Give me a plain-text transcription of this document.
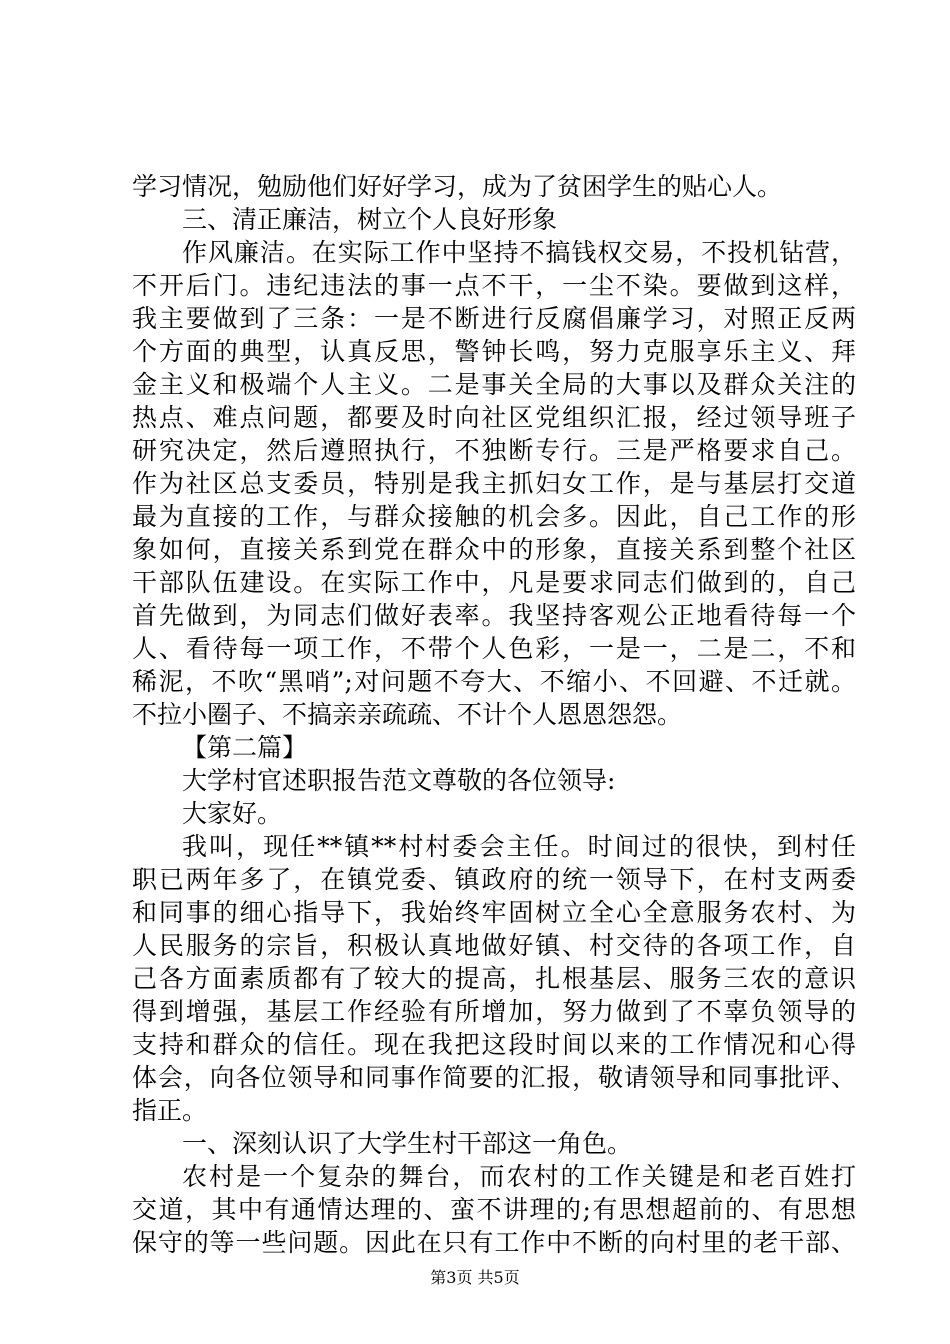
学习情况，勉励他们好好学习，成为了贫困学生的贴心人。
三、清正廉洁，树立个人良好形象
作风廉洁。在实际工作中坚持不搞钱权交易，不投机钻营，
不开后门。违纪违法的事一点不干，一尘不染。要做到这样，
我主要做到了三条：一是不断进行反腐倡廉学习，对照正反两
个方面的典型，认真反思，警钟长鸣，努力克服享乐主义、拜
金主义和极端个人主义。二是事关全局的大事以及群众关注的
热点、难点问题，都要及时向社区党组织汇报，经过领导班子
研究决定，然后遵照执行，不独断专行。三是严格要求自己。
作为社区总支委员，特别是我主抓妇女工作，是与基层打交道
最为直接的工作，与群众接触的机会多。因此，自己工作的形
象如何，直接关系到党在群众中的形象，直接关系到整个社区
干部队伍建设。在实际工作中，凡是要求同志们做到的，自己
首先做到，为同志们做好表率。我坚持客观公正地看待每一个
人、看待每一项工作，不带个人色彩，一是一，二是二，不和
稀泥，不吹“黑哨”;对问题不夸大、不缩小、不回避、不迁就。
不拉小圈子、不搞亲亲疏疏、不计个人恩恩怨怨。
【第二篇】
大学村官述职报告范文尊敬的各位领导:
大家好。
我叫，现任**镇**村村委会主任。时间过的很快，到村任
职已两年多了，在镇党委、镇政府的统一领导下，在村支两委
和同事的细心指导下，我始终牢固树立全心全意服务农村、为
人民服务的宗旨，积极认真地做好镇、村交待的各项工作，自
己各方面素质都有了较大的提高，扎根基层、服务三农的意识
得到增强，基层工作经验有所增加，努力做到了不辜负领导的
支持和群众的信任。现在我把这段时间以来的工作情况和心得
体会，向各位领导和同事作简要的汇报，敬请领导和同事批评、
指正。
一、深刻认识了大学生村干部这一角色。
农村是一个复杂的舞台，而农村的工作关键是和老百姓打
交道，其中有通情达理的、蛮不讲理的;有思想超前的、有思想
保守的等一些问题。因此在只有工作中不断的向村里的老干部、
第3页 共5页
